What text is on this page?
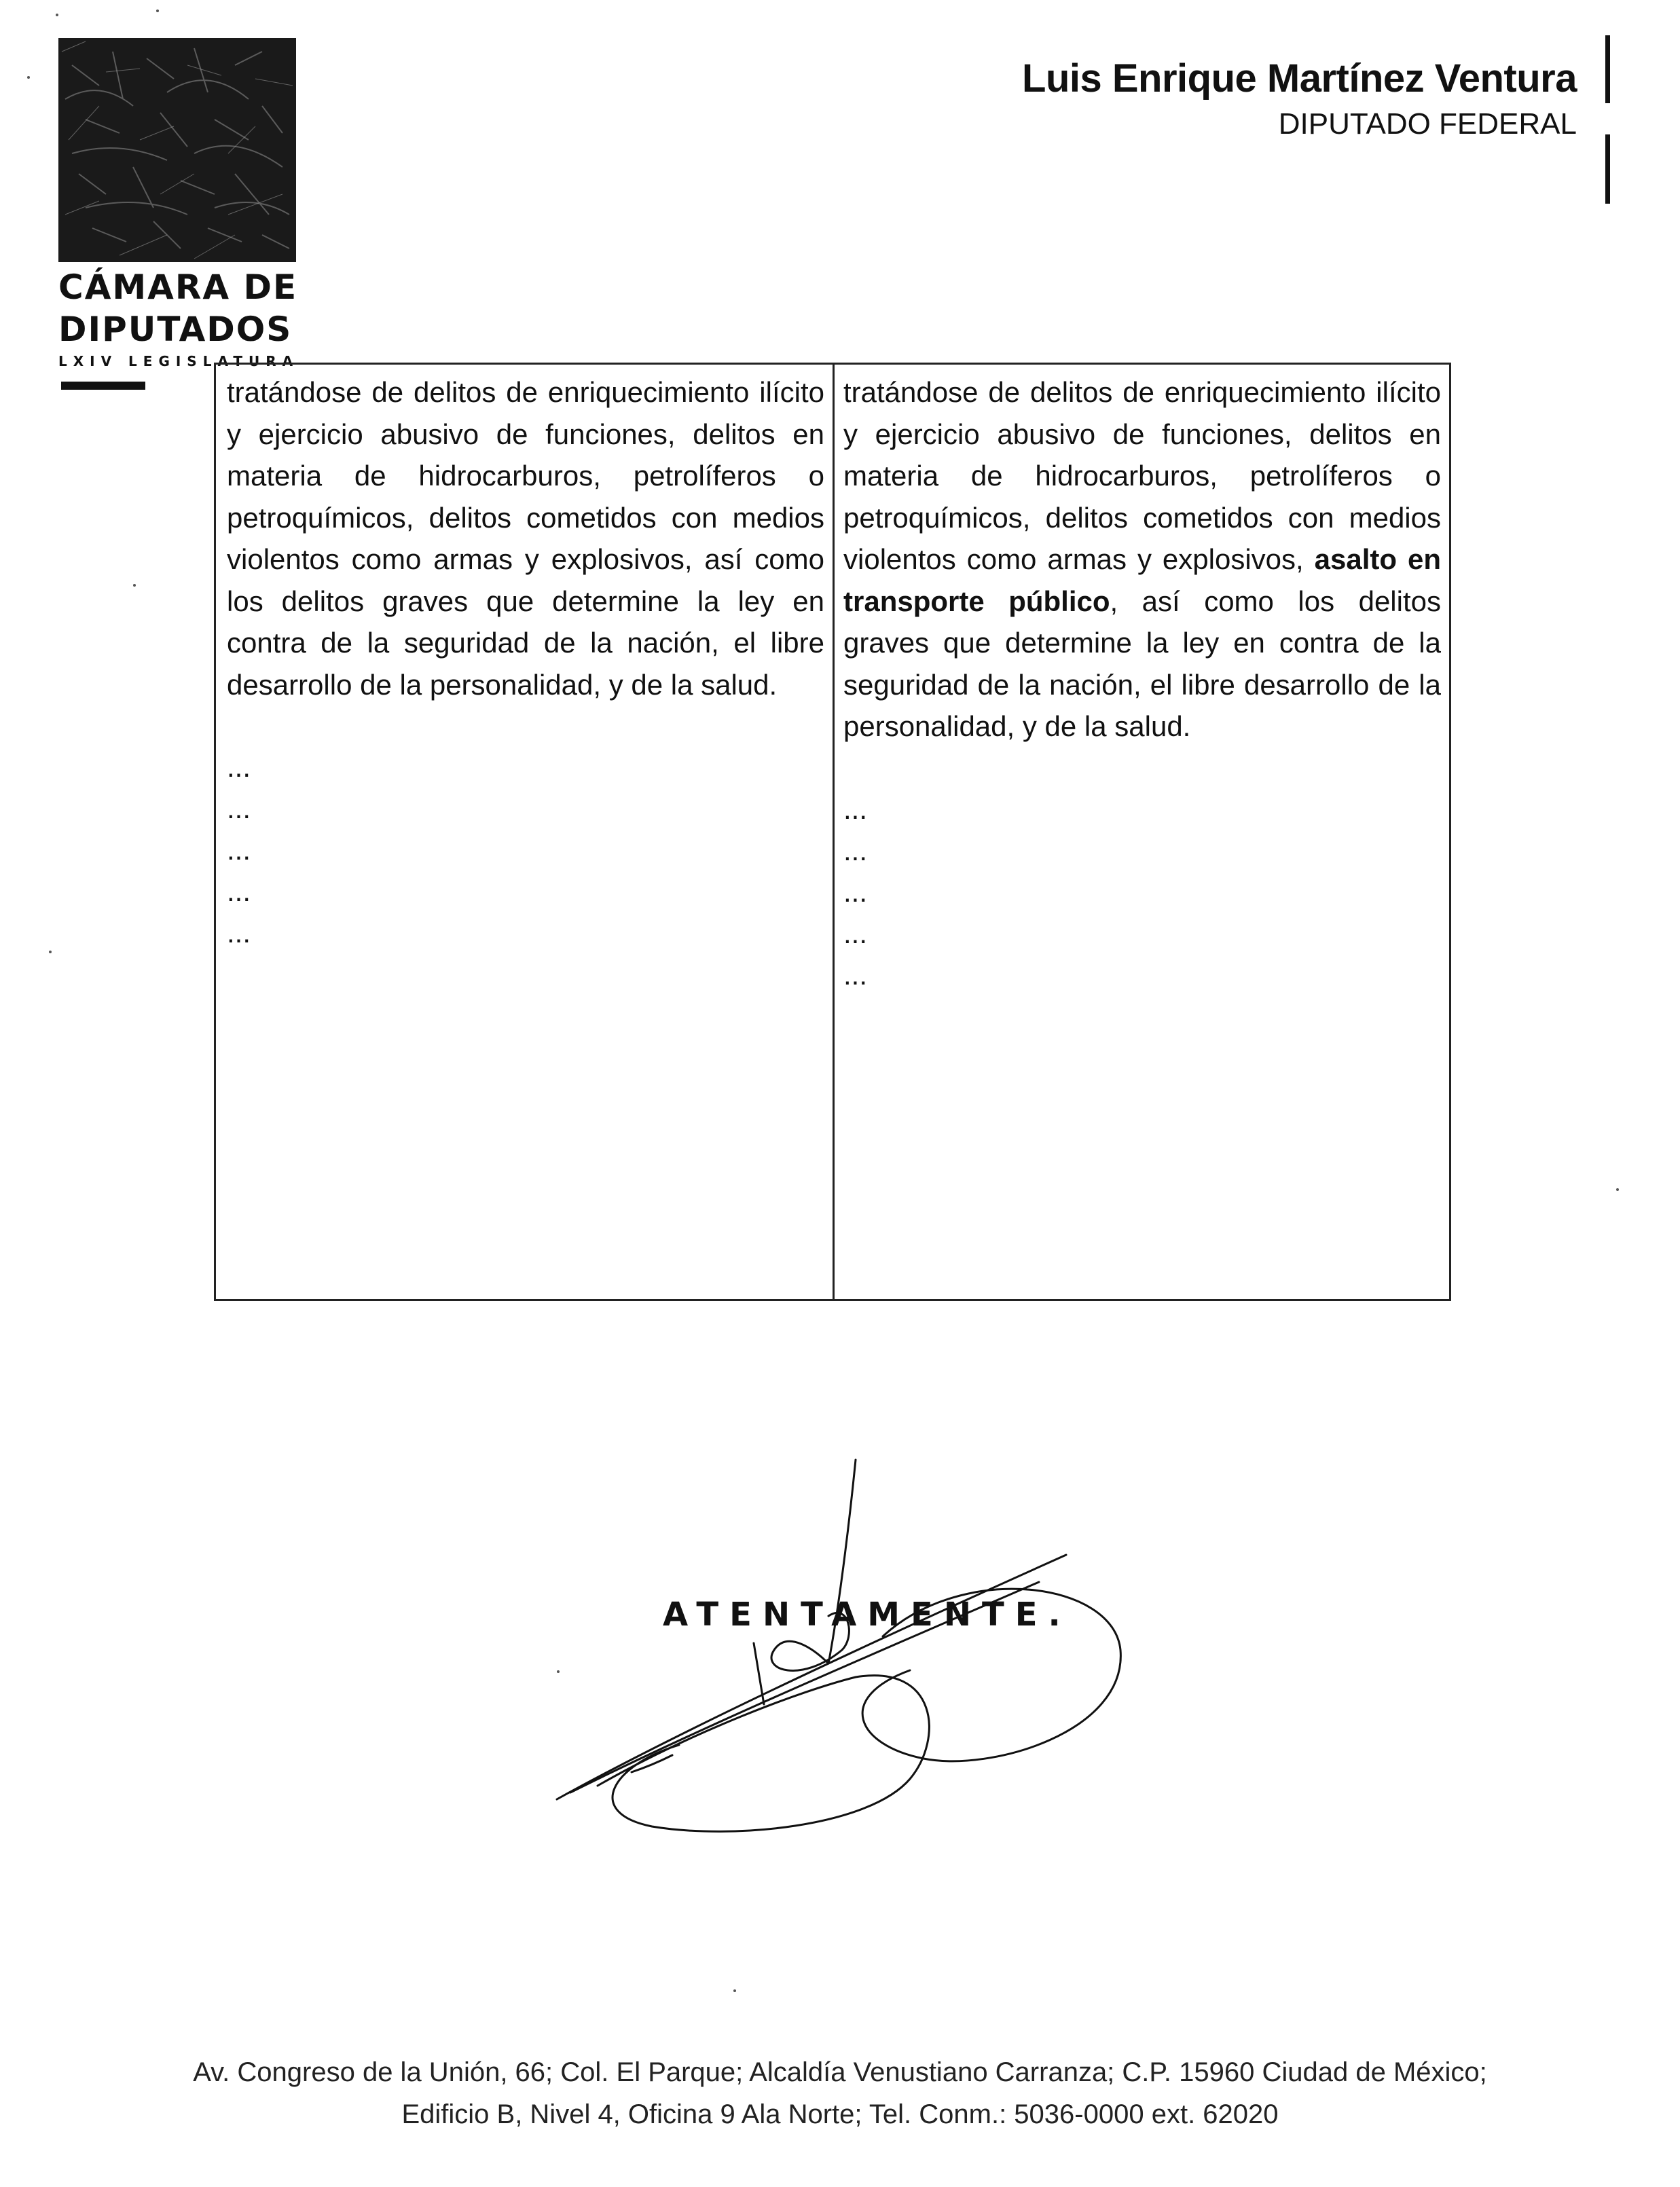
CÁMARA DE
DIPUTADOS
LXIV LEGISLATURA
Luis Enrique Martínez Ventura
DIPUTADO FEDERAL
tratándose de delitos de enriquecimiento ilícito y ejercicio abusivo de funciones, delitos en materia de hidrocarburos, petrolíferos o petroquímicos, delitos cometidos con medios violentos como armas y explosivos, así como los delitos graves que determine la ley en contra de la seguridad de la nación, el libre desarrollo de la personalidad, y de la salud.
...
...
...
...
...
tratándose de delitos de enriquecimiento ilícito y ejercicio abusivo de funciones, delitos en materia de hidrocarburos, petrolíferos o petroquímicos, delitos cometidos con medios violentos como armas y explosivos, asalto en transporte público, así como los delitos graves que determine la ley en contra de la seguridad de la nación, el libre desarrollo de la personalidad, y de la salud.
...
...
...
...
...
ATENTAMENTE.
Av. Congreso de la Unión, 66; Col. El Parque; Alcaldía Venustiano Carranza; C.P. 15960 Ciudad de México;
Edificio B, Nivel 4, Oficina 9 Ala Norte; Tel. Conm.: 5036-0000 ext. 62020
